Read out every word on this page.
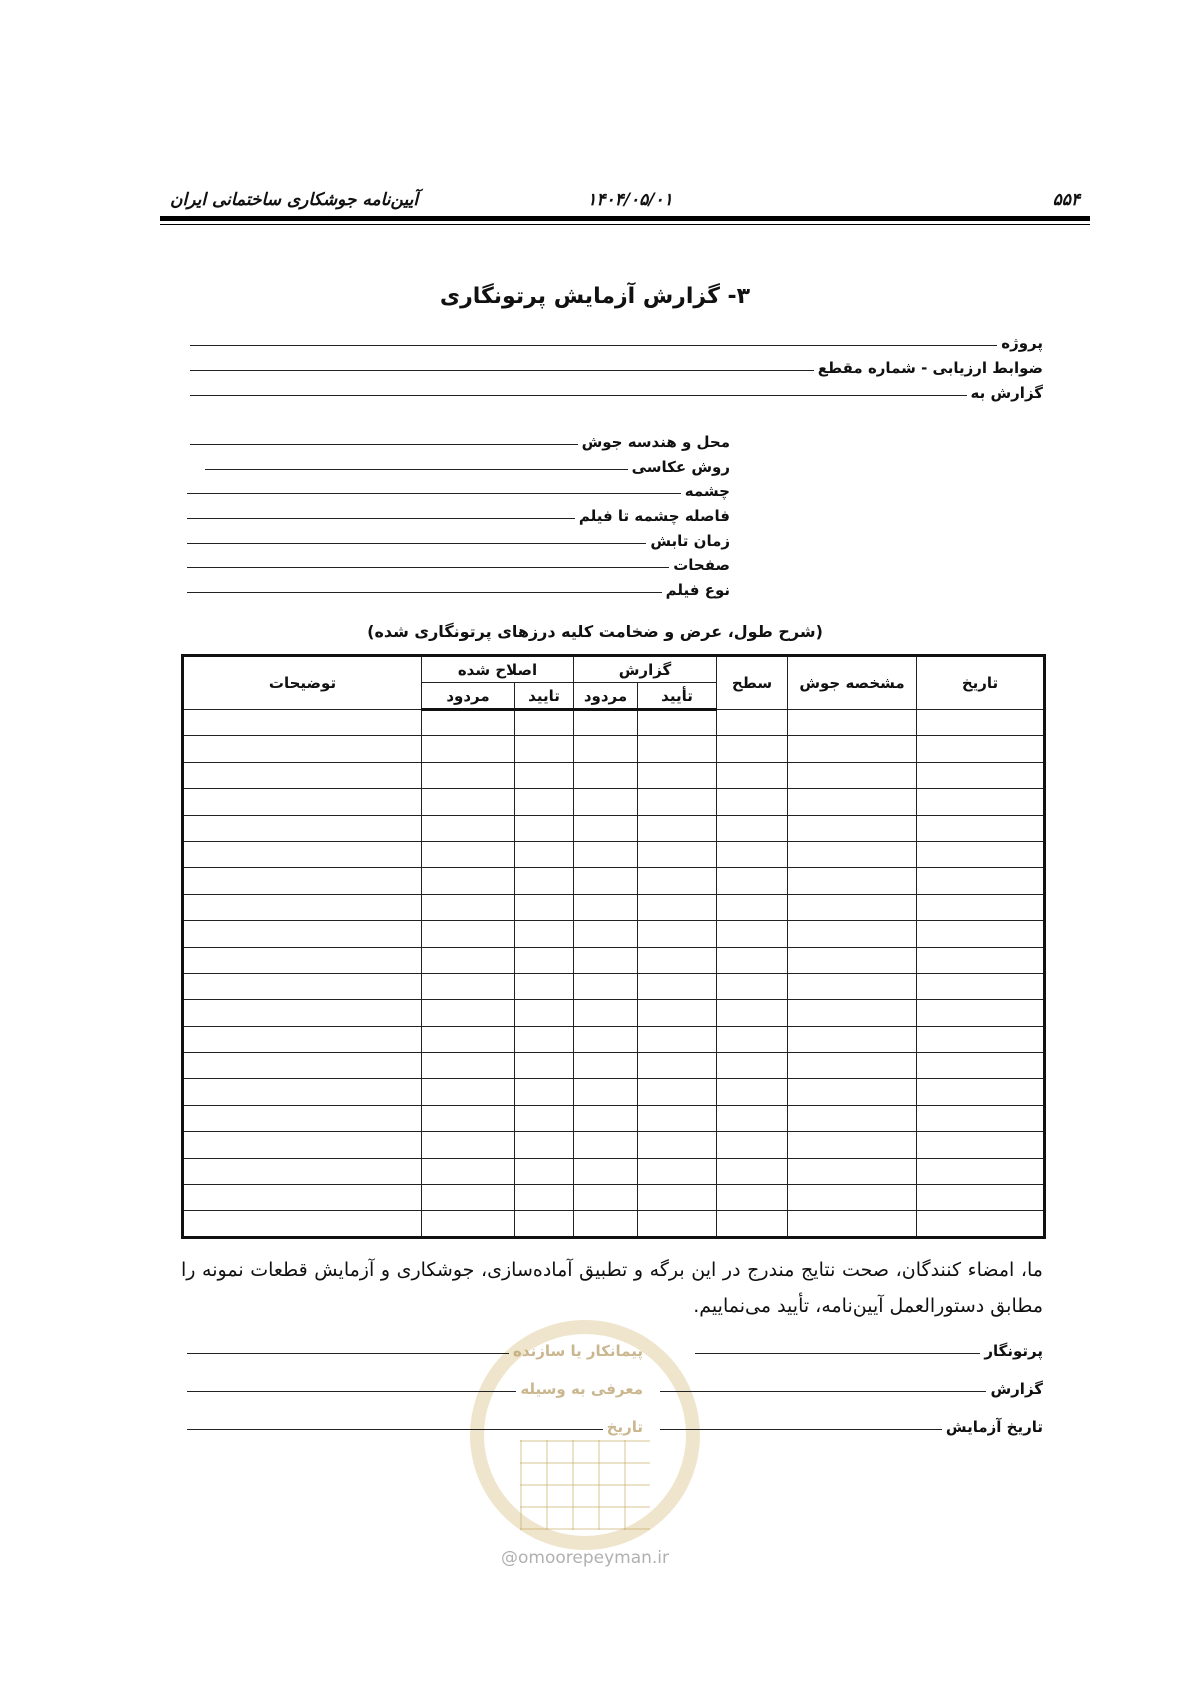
۵۵۴
۱۴۰۴/۰۵/۰۱
آیین‌نامه جوشکاری ساختمانی ایران
۳- گزارش آزمایش پرتونگاری
پروژه
ضوابط ارزیابی - شماره مقطع
گزارش به
محل و هندسه جوش
روش عکاسی
چشمه
فاصله چشمه تا فیلم
زمان تابش
صفحات
نوع فیلم
(شرح طول، عرض و ضخامت کلیه درزهای پرتونگاری شده)
تاریخ	مشخصه جوش	سطح	گزارش		اصلاح شده		توضیحات
			تأیید	مردود	تایید	مردود	

ما، امضاء کنندگان، صحت نتایج مندرج در این برگه و تطبیق آماده‌سازی، جوشکاری و آزمایش قطعات نمونه را مطابق دستورالعمل آیین‌نامه، تأیید می‌نماییم.
پرتونگار
پیمانکار یا سازنده
گزارش
معرفی به وسیله
تاریخ آزمایش
تاریخ
@omoorepeyman.ir
